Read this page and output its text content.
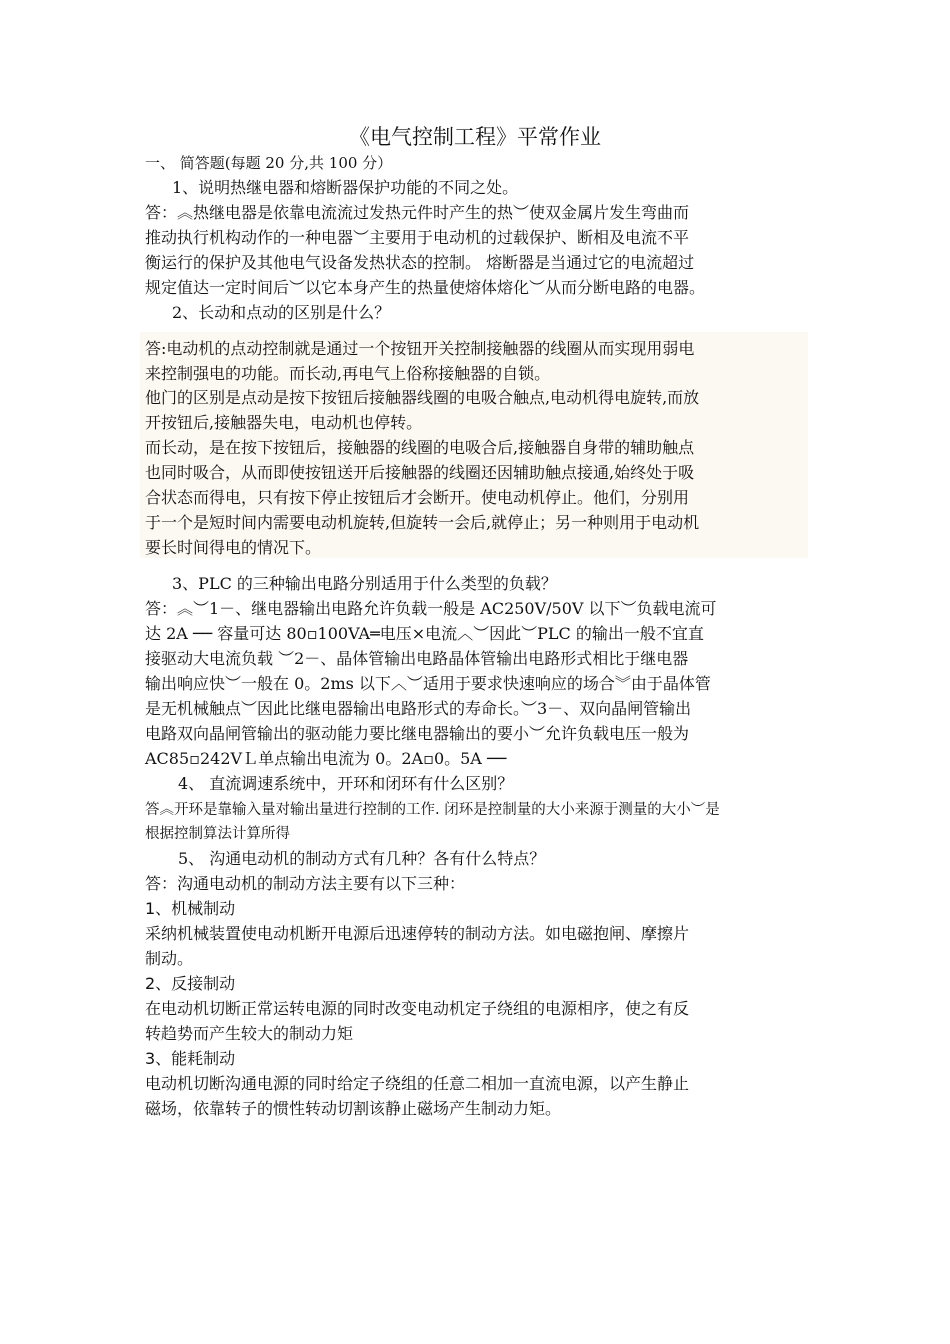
《电气控制工程》平常作业
一、 简答题(每题 20 分,共 100 分）
1、说明热继电器和熔断器保护功能的不同之处。
答：︽热继电器是依靠电流流过发热元件时产生的热︶使双金属片发生弯曲而
推动执行机构动作的一种电器︶主要用于电动机的过载保护、断相及电流不平
衡运行的保护及其他电气设备发热状态的控制。 熔断器是当通过它的电流超过
规定值达一定时间后︶以它本身产生的热量使熔体熔化︶从而分断电路的电器。
2、长动和点动的区别是什么？
答:电动机的点动控制就是通过一个按钮开关控制接触器的线圈从而实现用弱电
来控制强电的功能。而长动,再电气上俗称接触器的自锁。
他门的区别是点动是按下按钮后接触器线圈的电吸合触点,电动机得电旋转,而放
开按钮后,接触器失电，电动机也停转。
而长动，是在按下按钮后，接触器的线圈的电吸合后,接触器自身带的辅助触点
也同时吸合，从而即使按钮送开后接触器的线圈还因辅助触点接通,始终处于吸
合状态而得电，只有按下停止按钮后才会断开。使电动机停止。他们，分别用
于一个是短时间内需要电动机旋转,但旋转一会后,就停止；另一种则用于电动机
要长时间得电的情况下。
3、PLC 的三种输出电路分别适用于什么类型的负载？
答：︽︶1－、继电器输出电路允许负载一般是 AC250V/50V 以下︶负载电流可
达 2A ── 容量可达 80▫100VA═电压×电流︿︶因此︶PLC 的输出一般不宜直
接驱动大电流负载 ︶2－、晶体管输出电路晶体管输出电路形式相比于继电器
输出响应快︶一般在 0。2ms 以下︿︶适用于要求快速响应的场合︾由于晶体管
是无机械触点︶因此比继电器输出电路形式的寿命长。︶3－、双向晶闸管输出
电路双向晶闸管输出的驱动能力要比继电器输出的要小︶允许负载电压一般为
AC85▫242VＬ单点输出电流为 0。2A▫0。5A ──
4、 直流调速系统中，开环和闭环有什么区别？
答︽开环是靠输入量对输出量进行控制的工作. 闭环是控制量的大小来源于测量的大小︶是
根据控制算法计算所得
5、 沟通电动机的制动方式有几种？各有什么特点？
答：沟通电动机的制动方法主要有以下三种：
1、机械制动
采纳机械装置使电动机断开电源后迅速停转的制动方法。如电磁抱闸、摩擦片
制动。
2、反接制动
在电动机切断正常运转电源的同时改变电动机定子绕组的电源相序，使之有反
转趋势而产生较大的制动力矩
3、能耗制动
电动机切断沟通电源的同时给定子绕组的任意二相加一直流电源，以产生静止
磁场，依靠转子的惯性转动切割该静止磁场产生制动力矩。
